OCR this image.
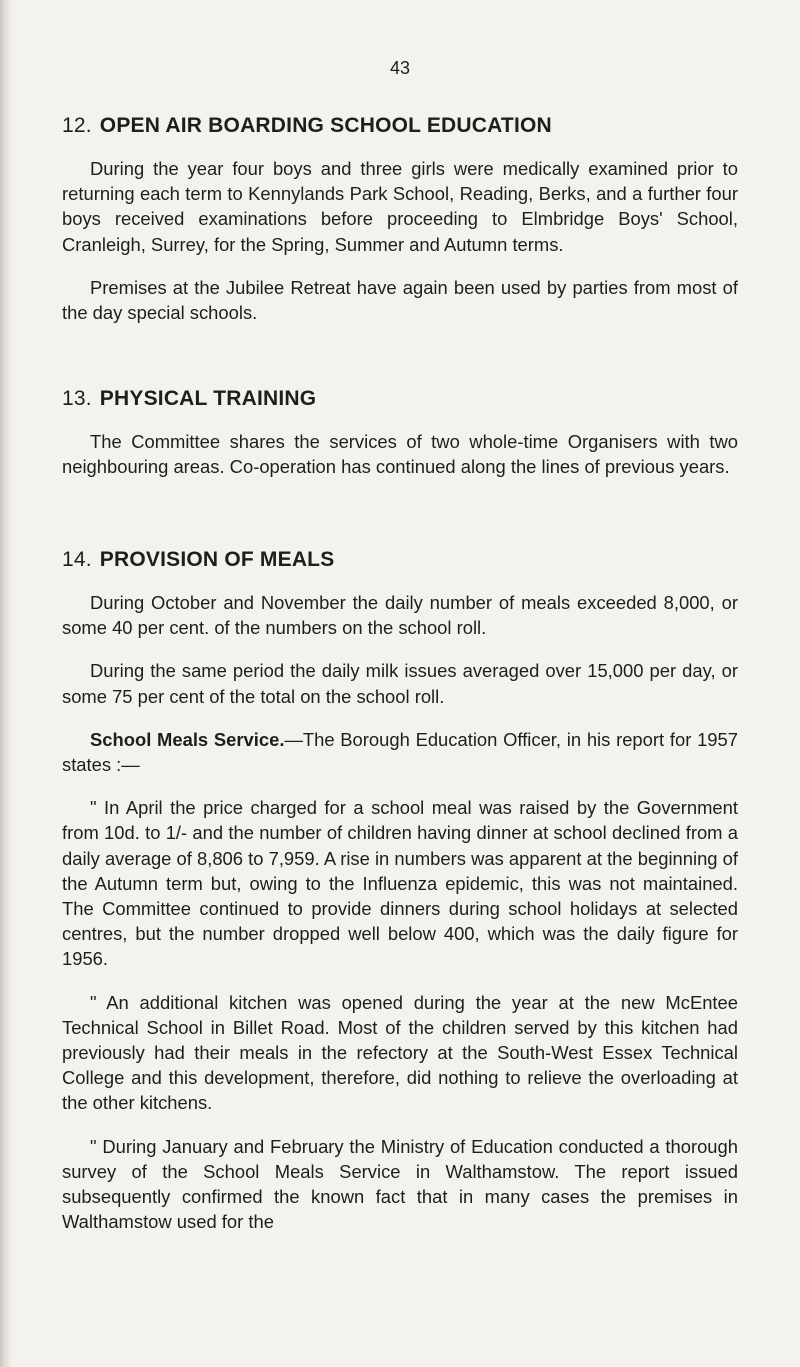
43
12. OPEN AIR BOARDING SCHOOL EDUCATION

During the year four boys and three girls were medically examined prior to returning each term to Kennylands Park School, Reading, Berks, and a further four boys received examinations before proceeding to Elmbridge Boys' School, Cranleigh, Surrey, for the Spring, Summer and Autumn terms.

Premises at the Jubilee Retreat have again been used by parties from most of the day special schools.

13. PHYSICAL TRAINING

The Committee shares the services of two whole-time Organisers with two neighbouring areas. Co-operation has continued along the lines of previous years.

14. PROVISION OF MEALS

During October and November the daily number of meals exceeded 8,000, or some 40 per cent. of the numbers on the school roll.

During the same period the daily milk issues averaged over 15,000 per day, or some 75 per cent of the total on the school roll.

School Meals Service.—The Borough Education Officer, in his report for 1957 states :—

" In April the price charged for a school meal was raised by the Government from 10d. to 1/- and the number of children having dinner at school declined from a daily average of 8,806 to 7,959. A rise in numbers was apparent at the beginning of the Autumn term but, owing to the Influenza epidemic, this was not maintained. The Committee continued to provide dinners during school holidays at selected centres, but the number dropped well below 400, which was the daily figure for 1956.

" An additional kitchen was opened during the year at the new McEntee Technical School in Billet Road. Most of the children served by this kitchen had previously had their meals in the refectory at the South-West Essex Technical College and this development, therefore, did nothing to relieve the overloading at the other kitchens.

" During January and February the Ministry of Education conducted a thorough survey of the School Meals Service in Walthamstow. The report issued subsequently confirmed the known fact that in many cases the premises in Walthamstow used for the
